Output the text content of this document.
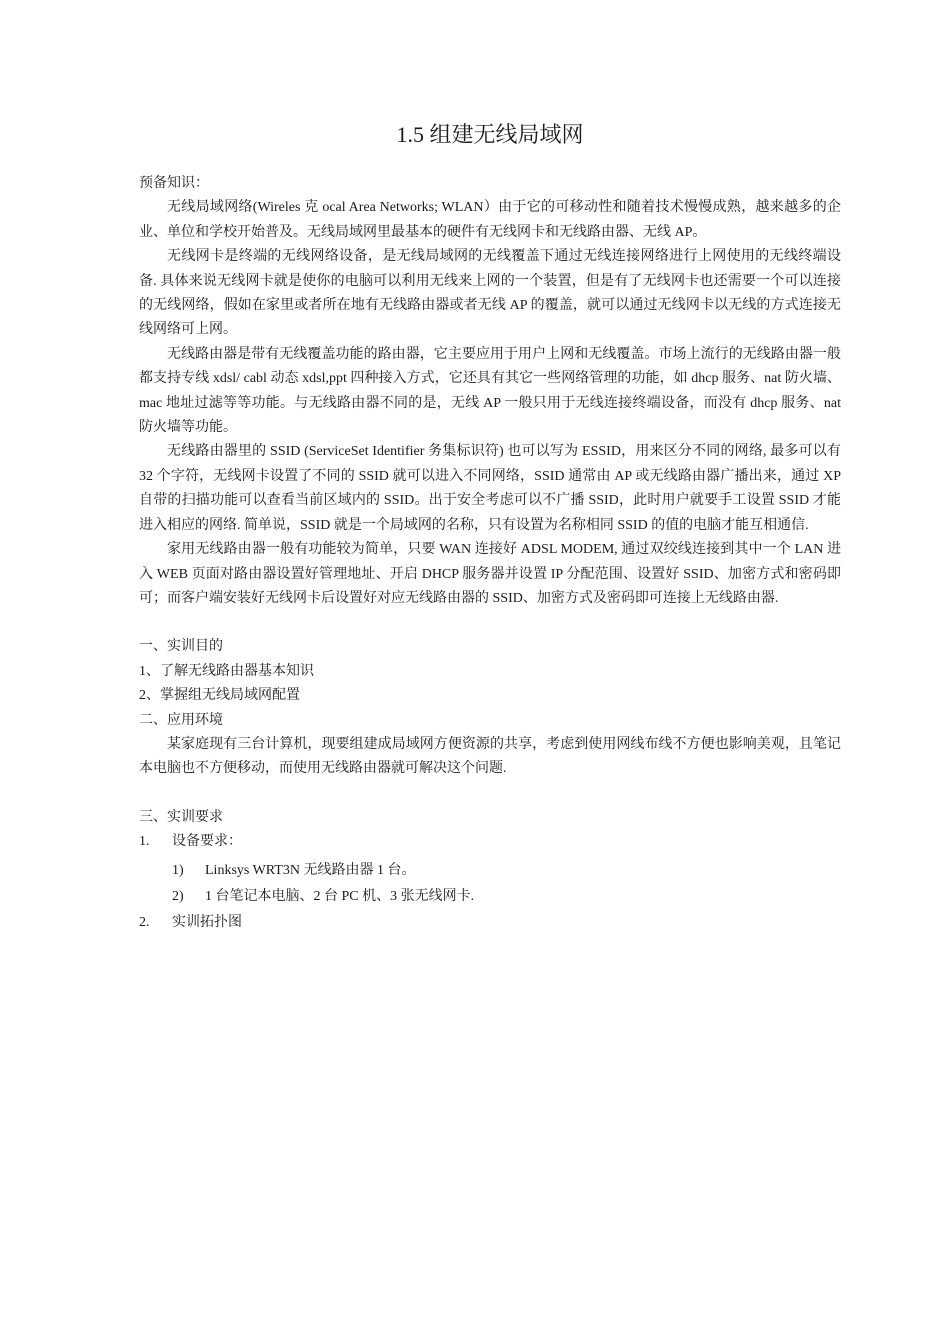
1.5 组建无线局域网

预备知识：

无线局域网络(Wireles 克 ocal Area Networks; WLAN）由于它的可移动性和随着技术慢慢成熟，越来越多的企业、单位和学校开始普及。无线局域网里最基本的硬件有无线网卡和无线路由器、无线 AP。

无线网卡是终端的无线网络设备，是无线局域网的无线覆盖下通过无线连接网络进行上网使用的无线终端设备. 具体来说无线网卡就是使你的电脑可以利用无线来上网的一个装置，但是有了无线网卡也还需要一个可以连接的无线网络，假如在家里或者所在地有无线路由器或者无线 AP 的覆盖，就可以通过无线网卡以无线的方式连接无线网络可上网。

无线路由器是带有无线覆盖功能的路由器，它主要应用于用户上网和无线覆盖。市场上流行的无线路由器一般都支持专线 xdsl/ cabl 动态 xdsl,ppt 四种接入方式，它还具有其它一些网络管理的功能，如 dhcp 服务、nat 防火墙、mac 地址过滤等等功能。与无线路由器不同的是，无线 AP 一般只用于无线连接终端设备，而没有 dhcp 服务、nat 防火墙等功能。

无线路由器里的 SSID (ServiceSet Identifier 务集标识符) 也可以写为 ESSID，用来区分不同的网络, 最多可以有 32 个字符，无线网卡设置了不同的 SSID 就可以进入不同网络，SSID 通常由 AP 或无线路由器广播出来，通过 XP 自带的扫描功能可以查看当前区域内的 SSID。出于安全考虑可以不广播 SSID，此时用户就要手工设置 SSID 才能进入相应的网络. 简单说，SSID 就是一个局域网的名称，只有设置为名称相同 SSID 的值的电脑才能互相通信.

家用无线路由器一般有功能较为简单，只要 WAN 连接好 ADSL MODEM, 通过双绞线连接到其中一个 LAN 进入 WEB 页面对路由器设置好管理地址、开启 DHCP 服务器并设置 IP 分配范围、设置好 SSID、加密方式和密码即可；而客户端安装好无线网卡后设置好对应无线路由器的 SSID、加密方式及密码即可连接上无线路由器.

一、实训目的

1、了解无线路由器基本知识

2、掌握组无线局域网配置

二、应用环境

某家庭现有三台计算机，现要组建成局域网方便资源的共享，考虑到使用网线布线不方便也影响美观，且笔记本电脑也不方便移动，而使用无线路由器就可解决这个问题.

三、实训要求

1.	设备要求：
1)	Linksys WRT3N 无线路由器 1 台。
2)	1 台笔记本电脑、2 台 PC 机、3 张无线网卡.
2.	实训拓扑图
